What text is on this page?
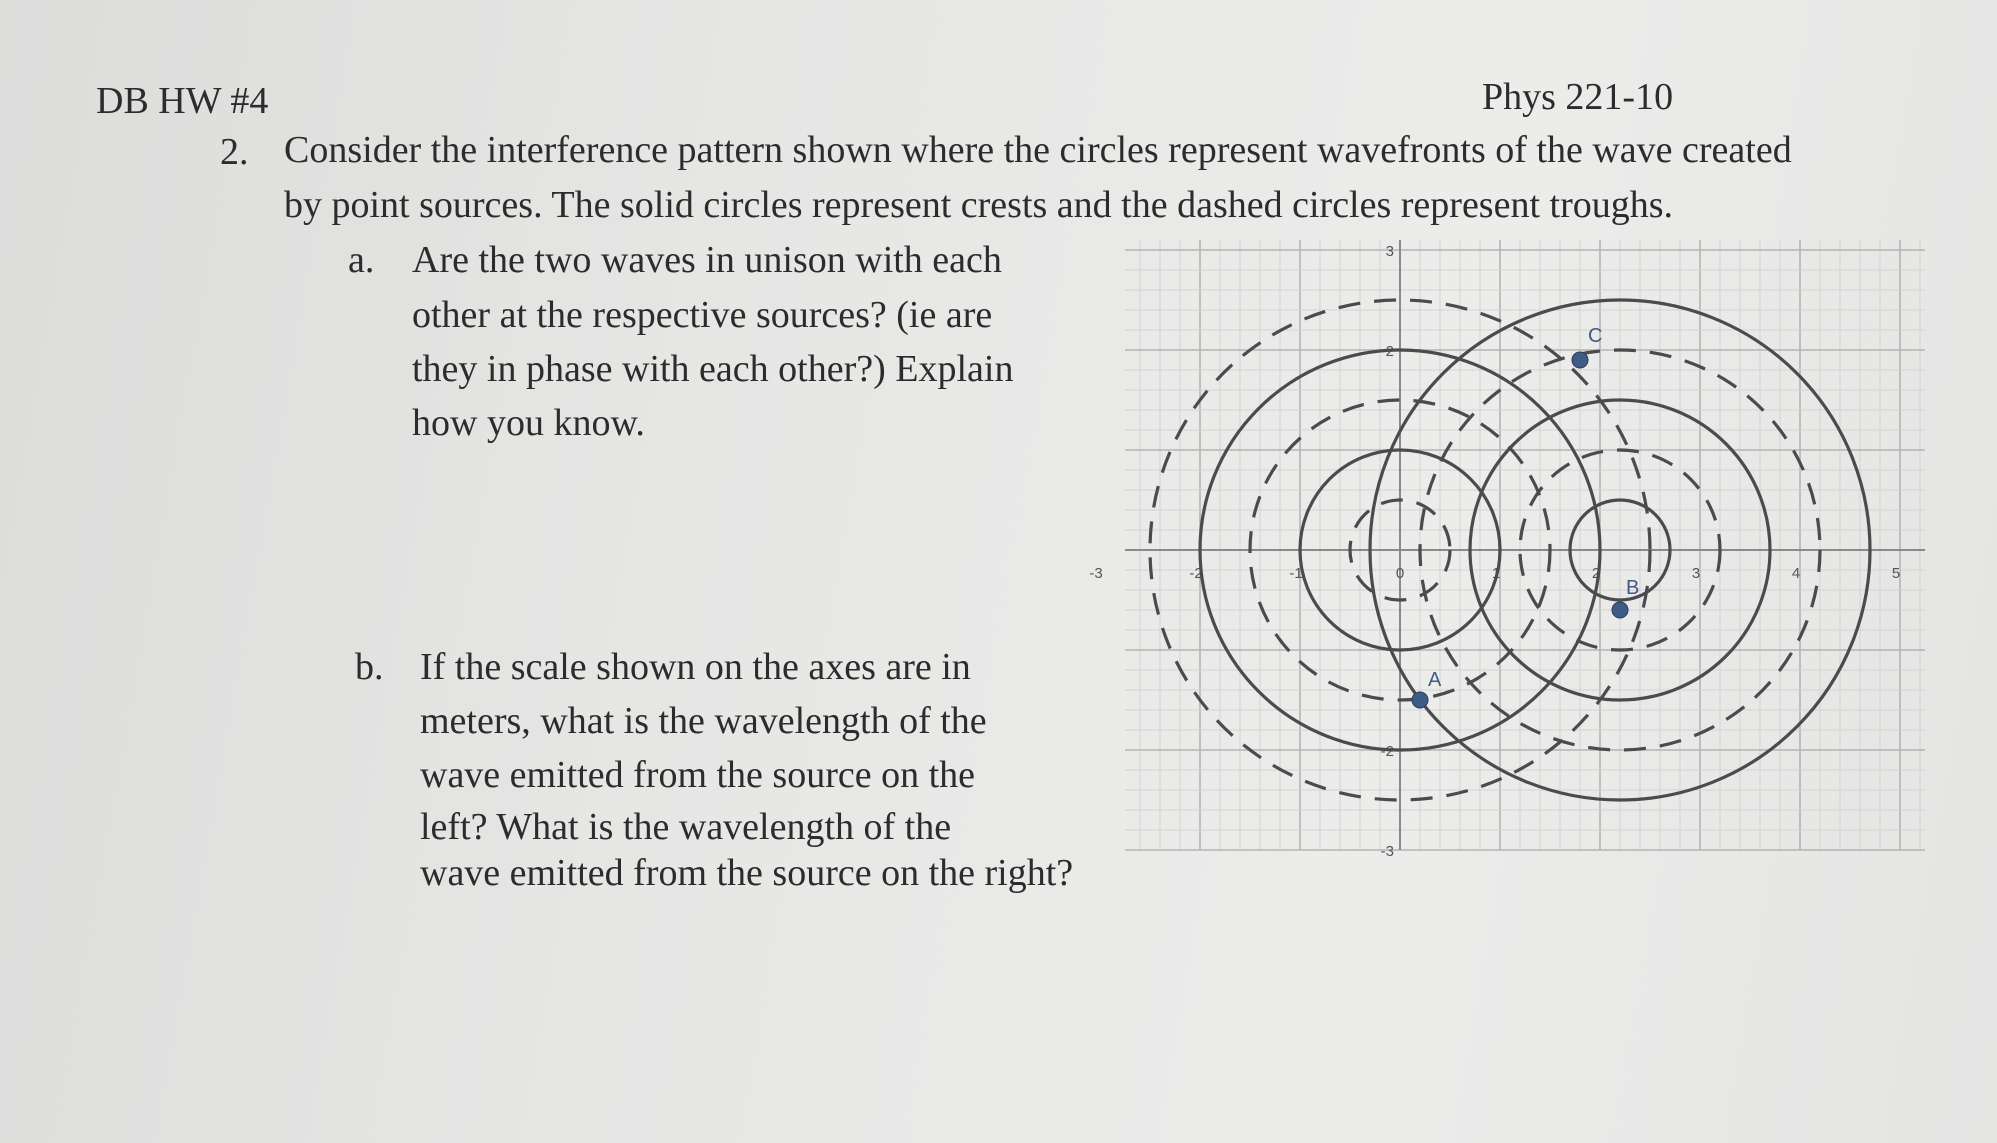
DB HW #4	Phys 221-10
2. Consider the interference pattern shown where the circles represent wavefronts of the wave created
by point sources. The solid circles represent crests and the dashed circles represent troughs.
a. Are the two waves in unison with each
other at the respective sources? (ie are
they in phase with each other?) Explain
how you know.
b. If the scale shown on the axes are in
meters, what is the wavelength of the
wave emitted from the source on the
left? What is the wavelength of the
wave emitted from the source on the right?
-3	-2	-1	0	1	2	3	4	5
3
2
-2
-3
A
B
C
